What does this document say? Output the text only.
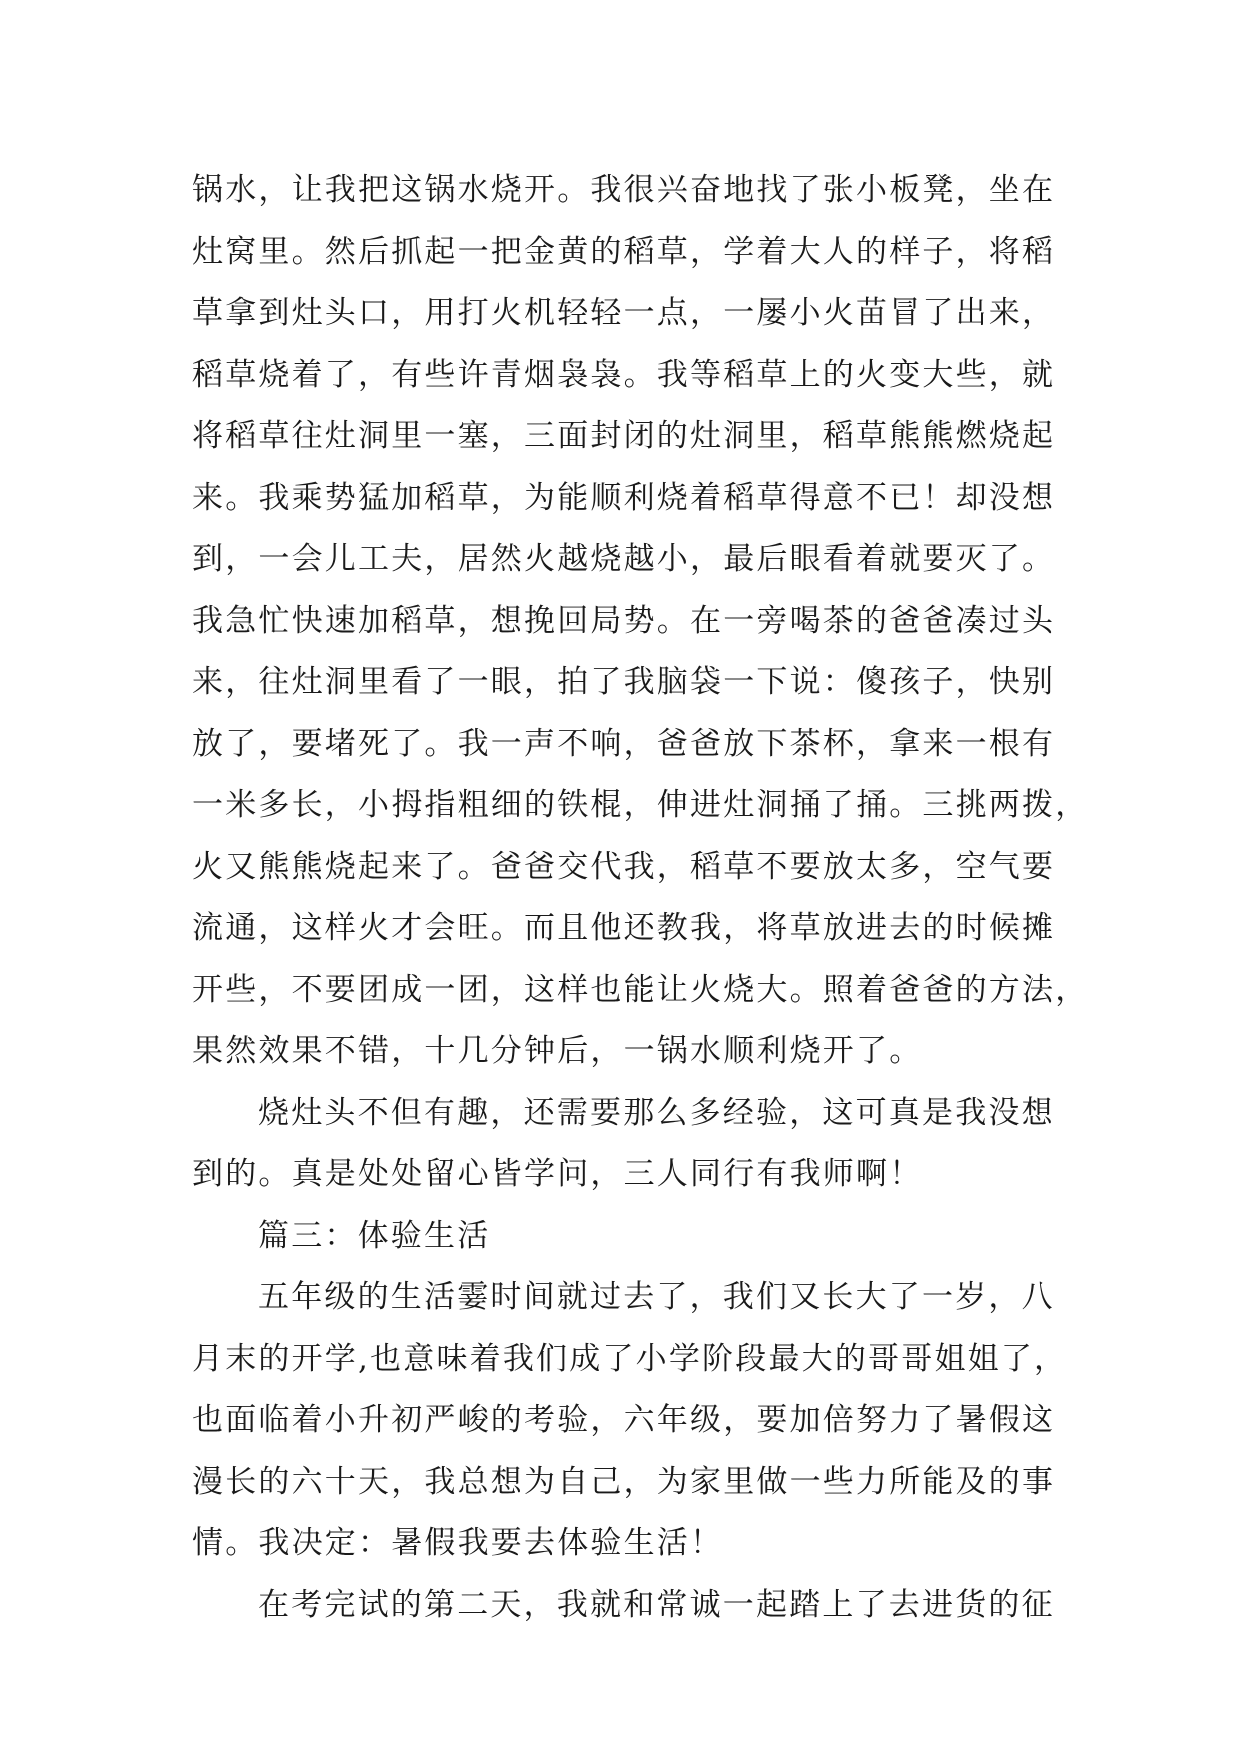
锅水，让我把这锅水烧开。我很兴奋地找了张小板凳，坐在
灶窝里。然后抓起一把金黄的稻草，学着大人的样子，将稻
草拿到灶头口，用打火机轻轻一点，一屡小火苗冒了出来，
稻草烧着了，有些许青烟袅袅。我等稻草上的火变大些，就
将稻草往灶洞里一塞，三面封闭的灶洞里，稻草熊熊燃烧起
来。我乘势猛加稻草，为能顺利烧着稻草得意不已！却没想
到，一会儿工夫，居然火越烧越小，最后眼看着就要灭了。
我急忙快速加稻草，想挽回局势。在一旁喝茶的爸爸凑过头
来，往灶洞里看了一眼，拍了我脑袋一下说：傻孩子，快别
放了，要堵死了。我一声不响，爸爸放下茶杯，拿来一根有
一米多长，小拇指粗细的铁棍，伸进灶洞捅了捅。三挑两拨，
火又熊熊烧起来了。爸爸交代我，稻草不要放太多，空气要
流通，这样火才会旺。而且他还教我，将草放进去的时候摊
开些，不要团成一团，这样也能让火烧大。照着爸爸的方法，
果然效果不错，十几分钟后，一锅水顺利烧开了。
烧灶头不但有趣，还需要那么多经验，这可真是我没想
到的。真是处处留心皆学问，三人同行有我师啊！
篇三：体验生活
五年级的生活霎时间就过去了，我们又长大了一岁，八
月末的开学,也意味着我们成了小学阶段最大的哥哥姐姐了，
也面临着小升初严峻的考验，六年级，要加倍努力了暑假这
漫长的六十天，我总想为自己，为家里做一些力所能及的事
情。我决定：暑假我要去体验生活！
在考完试的第二天，我就和常诚一起踏上了去进货的征
